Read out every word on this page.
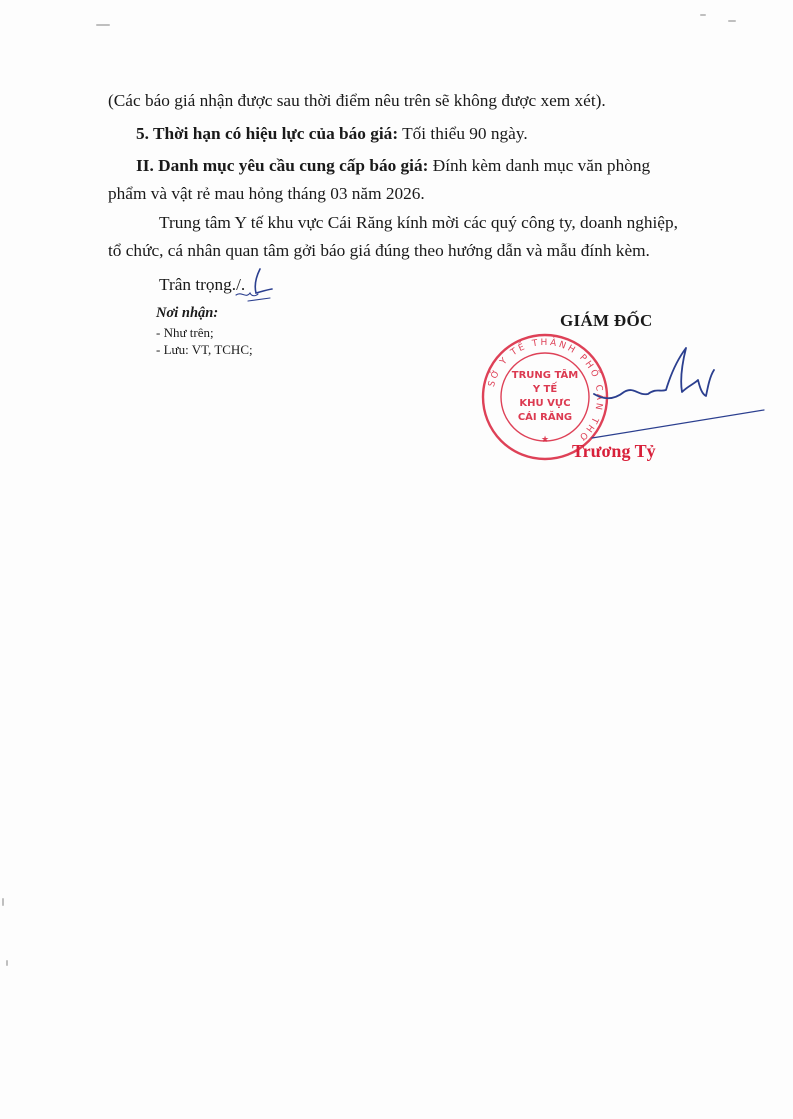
(Các báo giá nhận được sau thời điểm nêu trên sẽ không được xem xét).
5. Thời hạn có hiệu lực của báo giá: Tối thiểu 90 ngày.
II. Danh mục yêu cầu cung cấp báo giá: Đính kèm danh mục văn phòng
phẩm và vật rẻ mau hỏng tháng 03 năm 2026.
Trung tâm Y tế khu vực Cái Răng kính mời các quý công ty, doanh nghiệp,
tổ chức, cá nhân quan tâm gởi báo giá đúng theo hướng dẫn và mẫu đính kèm.
Trân trọng./.
Nơi nhận:
- Như trên;
- Lưu: VT, TCHC;
GIÁM ĐỐC
SỞ Y TẾ THÀNH PHỐ CẦN THƠ
★
TRUNG TÂM
Y TẾ
KHU VỰC
CÁI RĂNG
Trương Tỷ
